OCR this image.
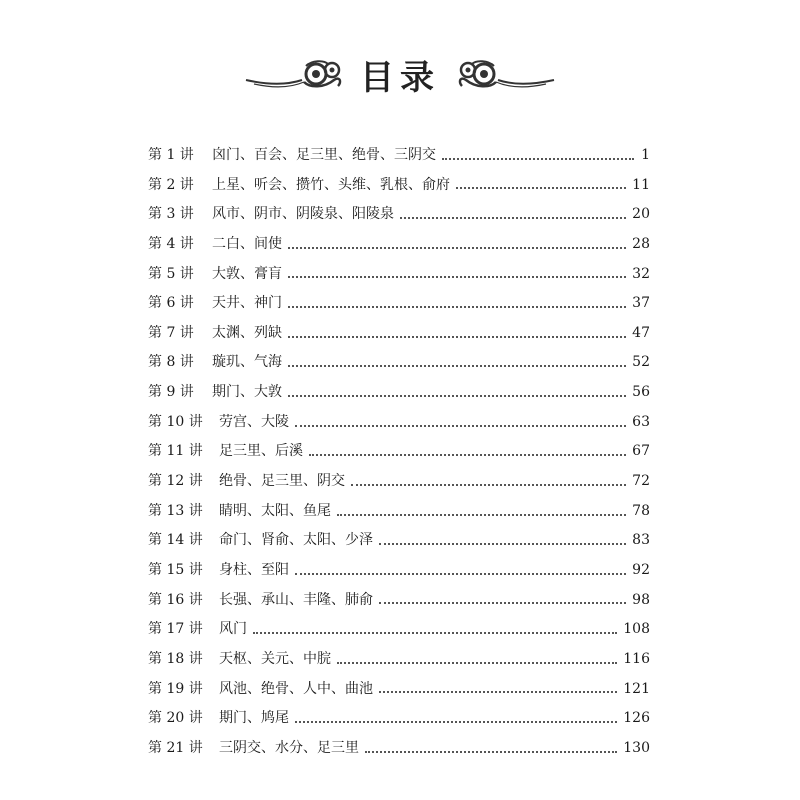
目录
第 1 讲	囟门、百会、足三里、绝骨、三阴交	1
第 2 讲	上星、听会、攒竹、头维、乳根、俞府	11
第 3 讲	风市、阴市、阴陵泉、阳陵泉	20
第 4 讲	二白、间使	28
第 5 讲	大敦、膏肓	32
第 6 讲	天井、神门	37
第 7 讲	太渊、列缺	47
第 8 讲	璇玑、气海	52
第 9 讲	期门、大敦	56
第 10 讲	劳宫、大陵	63
第 11 讲	足三里、后溪	67
第 12 讲	绝骨、足三里、阴交	72
第 13 讲	睛明、太阳、鱼尾	78
第 14 讲	命门、肾俞、太阳、少泽	83
第 15 讲	身柱、至阳	92
第 16 讲	长强、承山、丰隆、肺俞	98
第 17 讲	风门	108
第 18 讲	天枢、关元、中脘	116
第 19 讲	风池、绝骨、人中、曲池	121
第 20 讲	期门、鸠尾	126
第 21 讲	三阴交、水分、足三里	130
